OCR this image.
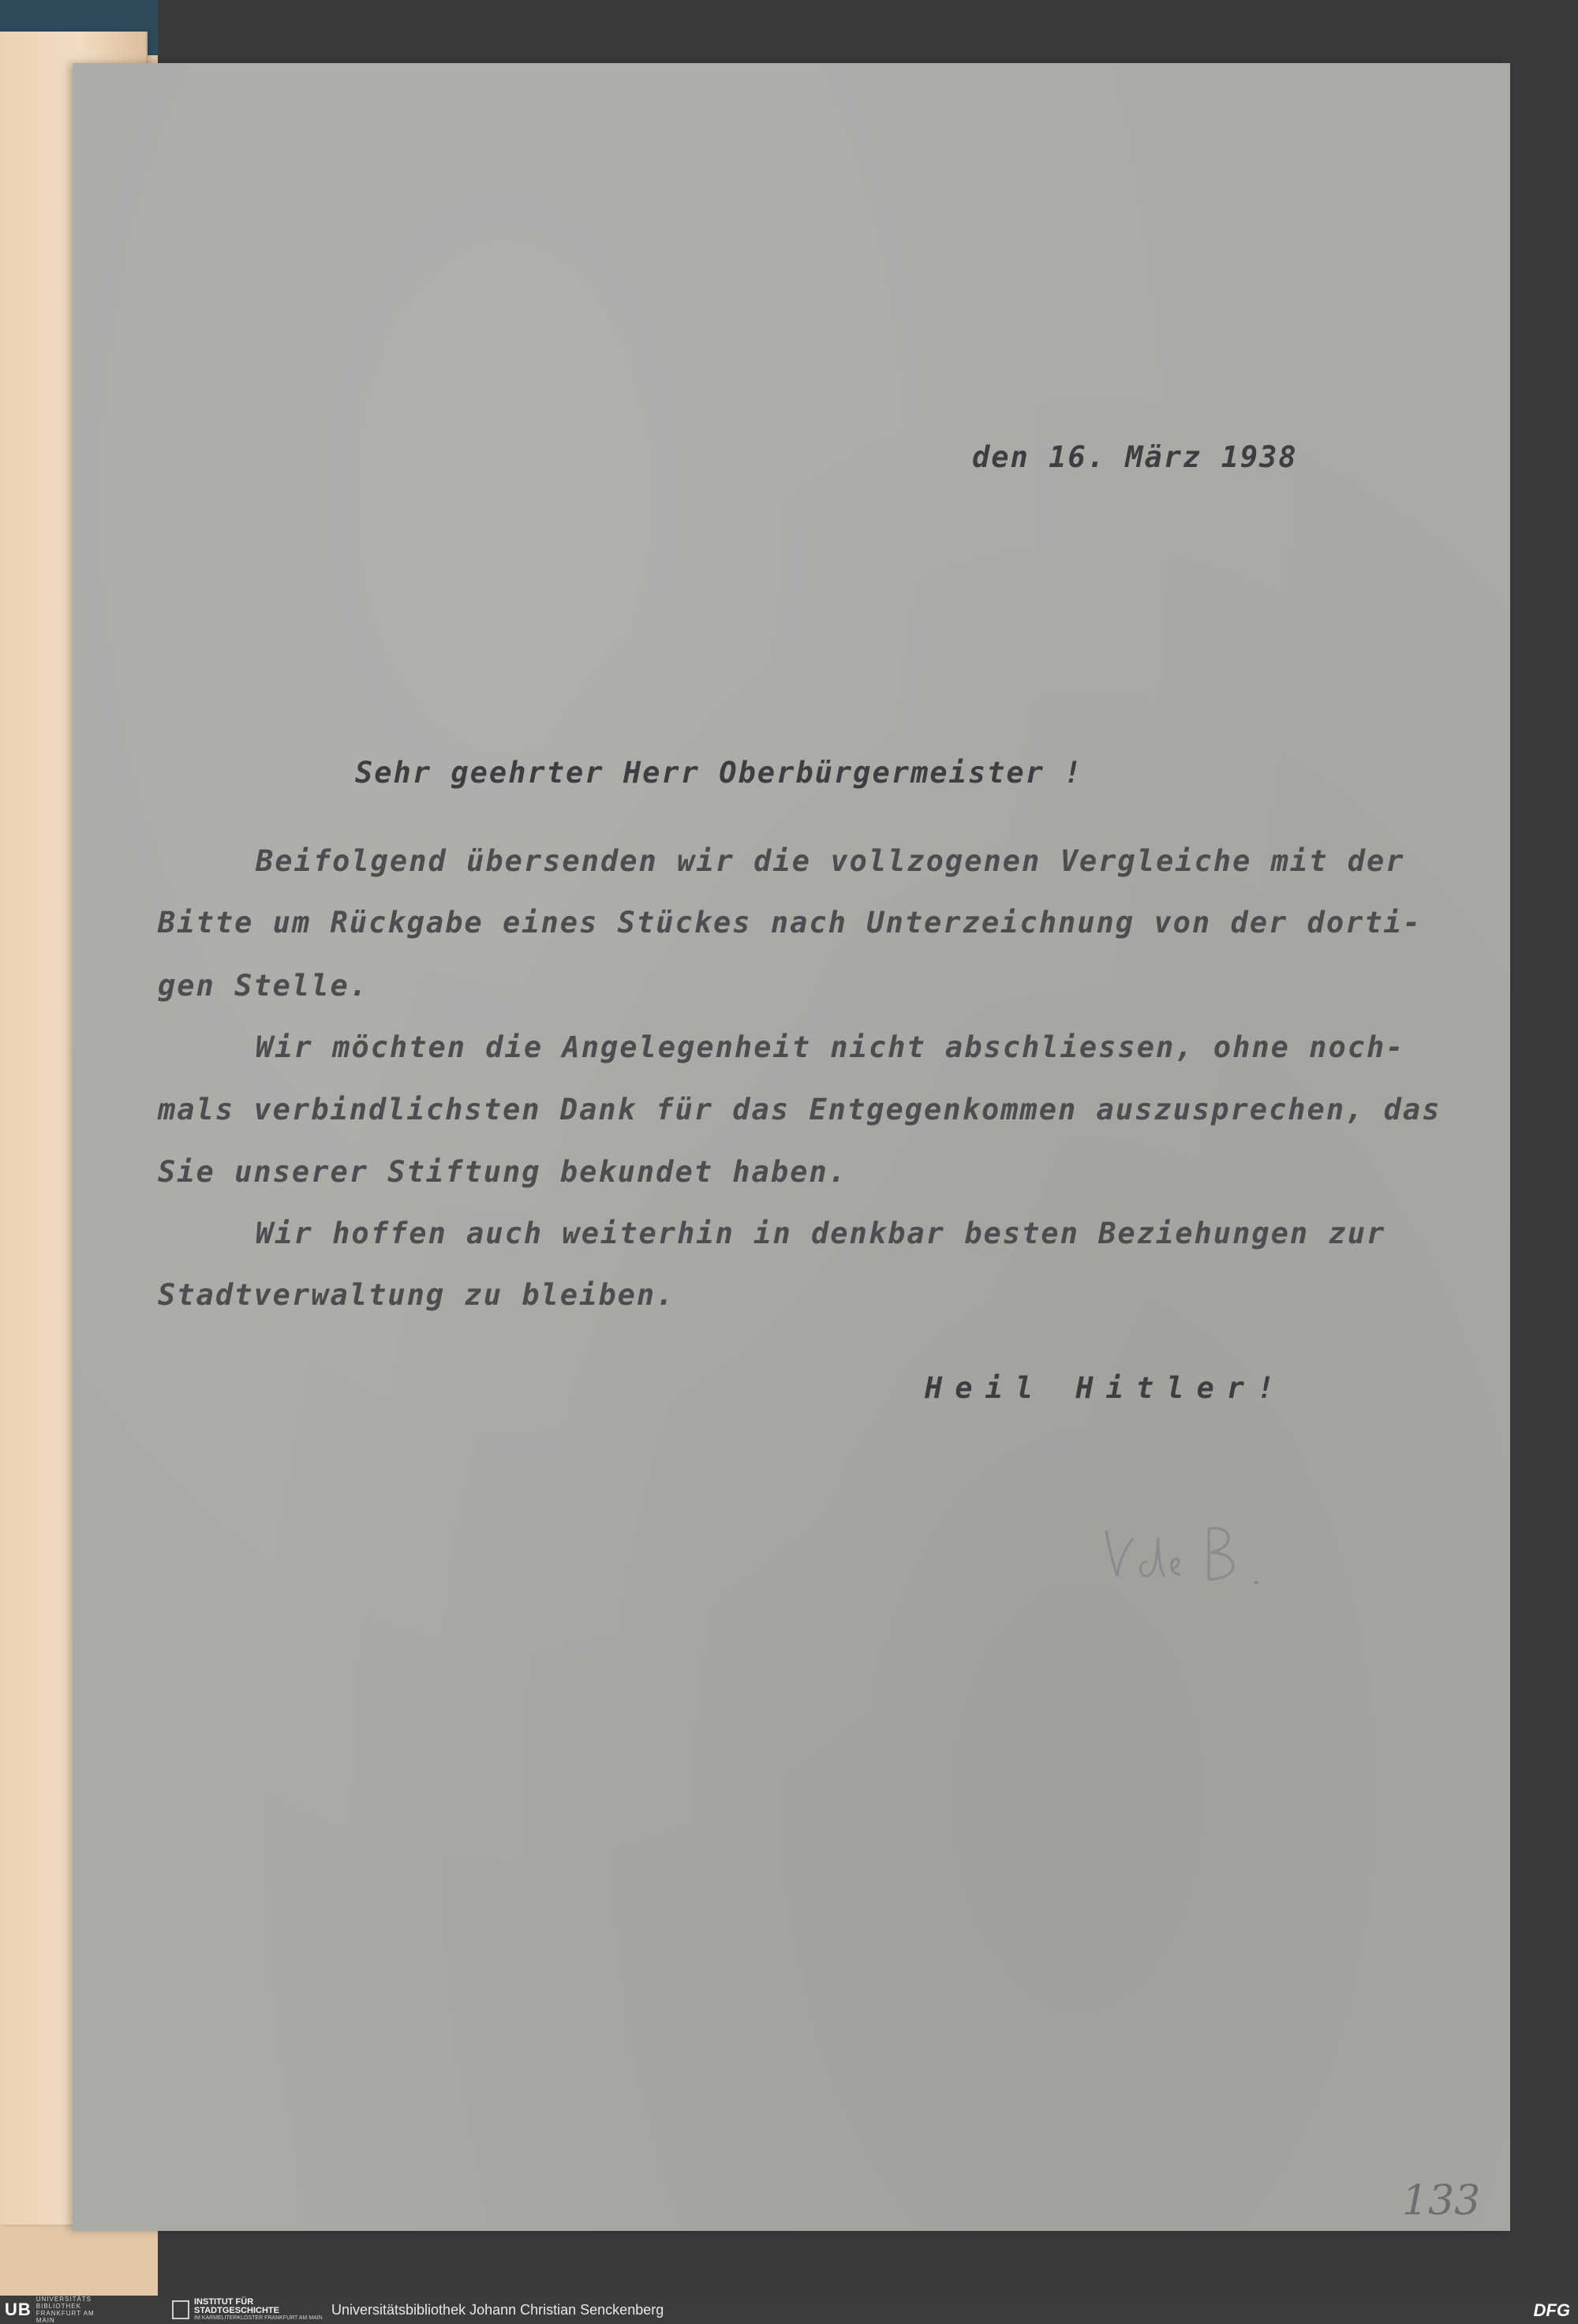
den 16. März 1938
Sehr geehrter Herr Oberbürgermeister !
Beifolgend übersenden wir die vollzogenen Vergleiche mit der
Bitte um Rückgabe eines Stückes nach Unterzeichnung von der dorti-
gen Stelle.
Wir möchten die Angelegenheit nicht abschliessen, ohne noch-
mals verbindlichsten Dank für das Entgegenkommen auszusprechen, das
Sie unserer Stiftung bekundet haben.
Wir hoffen auch weiterhin in denkbar besten Beziehungen zur
Stadtverwaltung zu bleiben.
Heil Hitler!
133
UB
UNIVERSITÄTS BIBLIOTHEK FRANKFURT AM MAIN
INSTITUT FÜR STADTGESCHICHTE
IM KARMELITERKLOSTER FRANKFURT AM MAIN
Universitätsbibliothek Johann Christian Senckenberg	DFG
